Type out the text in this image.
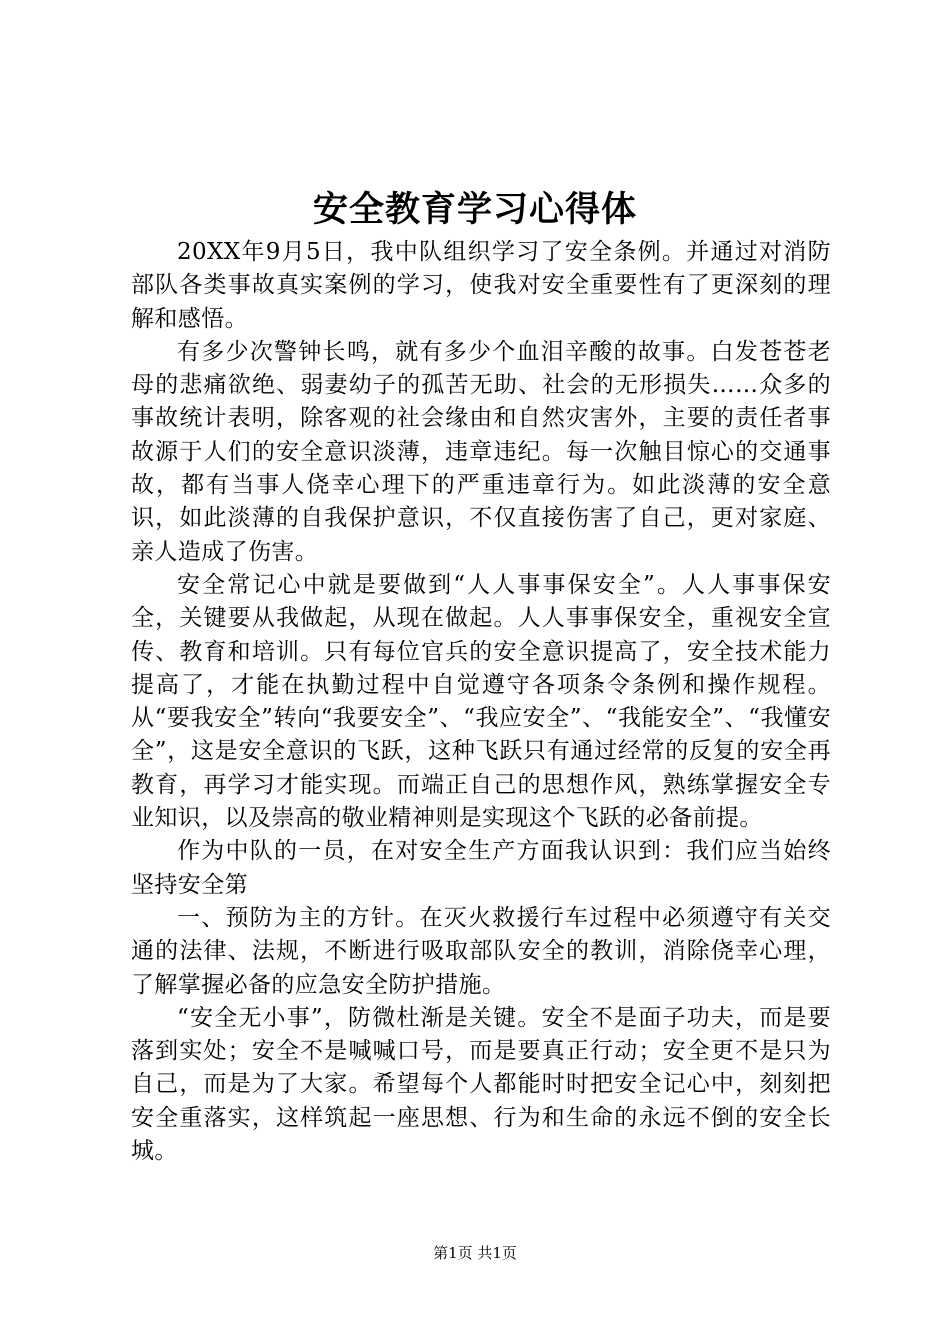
安全教育学习心得体

20XX年9月5日，我中队组织学习了安全条例。并通过对消防部队各类事故真实案例的学习，使我对安全重要性有了更深刻的理解和感悟。

有多少次警钟长鸣，就有多少个血泪辛酸的故事。白发苍苍老母的悲痛欲绝、弱妻幼子的孤苦无助、社会的无形损失……众多的事故统计表明，除客观的社会缘由和自然灾害外，主要的责任者事故源于人们的安全意识淡薄，违章违纪。每一次触目惊心的交通事故，都有当事人侥幸心理下的严重违章行为。如此淡薄的安全意识，如此淡薄的自我保护意识，不仅直接伤害了自己，更对家庭、亲人造成了伤害。

安全常记心中就是要做到“人人事事保安全”。人人事事保安全，关键要从我做起，从现在做起。人人事事保安全，重视安全宣传、教育和培训。只有每位官兵的安全意识提高了，安全技术能力提高了，才能在执勤过程中自觉遵守各项条令条例和操作规程。从“要我安全”转向“我要安全”、“我应安全”、“我能安全”、“我懂安全”，这是安全意识的飞跃，这种飞跃只有通过经常的反复的安全再教育，再学习才能实现。而端正自己的思想作风，熟练掌握安全专业知识，以及崇高的敬业精神则是实现这个飞跃的必备前提。

作为中队的一员，在对安全生产方面我认识到：我们应当始终坚持安全第

一、预防为主的方针。在灭火救援行车过程中必须遵守有关交通的法律、法规，不断进行吸取部队安全的教训，消除侥幸心理，了解掌握必备的应急安全防护措施。

“安全无小事”，防微杜渐是关键。安全不是面子功夫，而是要落到实处；安全不是喊喊口号，而是要真正行动；安全更不是只为自己，而是为了大家。希望每个人都能时时把安全记心中，刻刻把安全重落实，这样筑起一座思想、行为和生命的永远不倒的安全长城。

第1页 共1页
